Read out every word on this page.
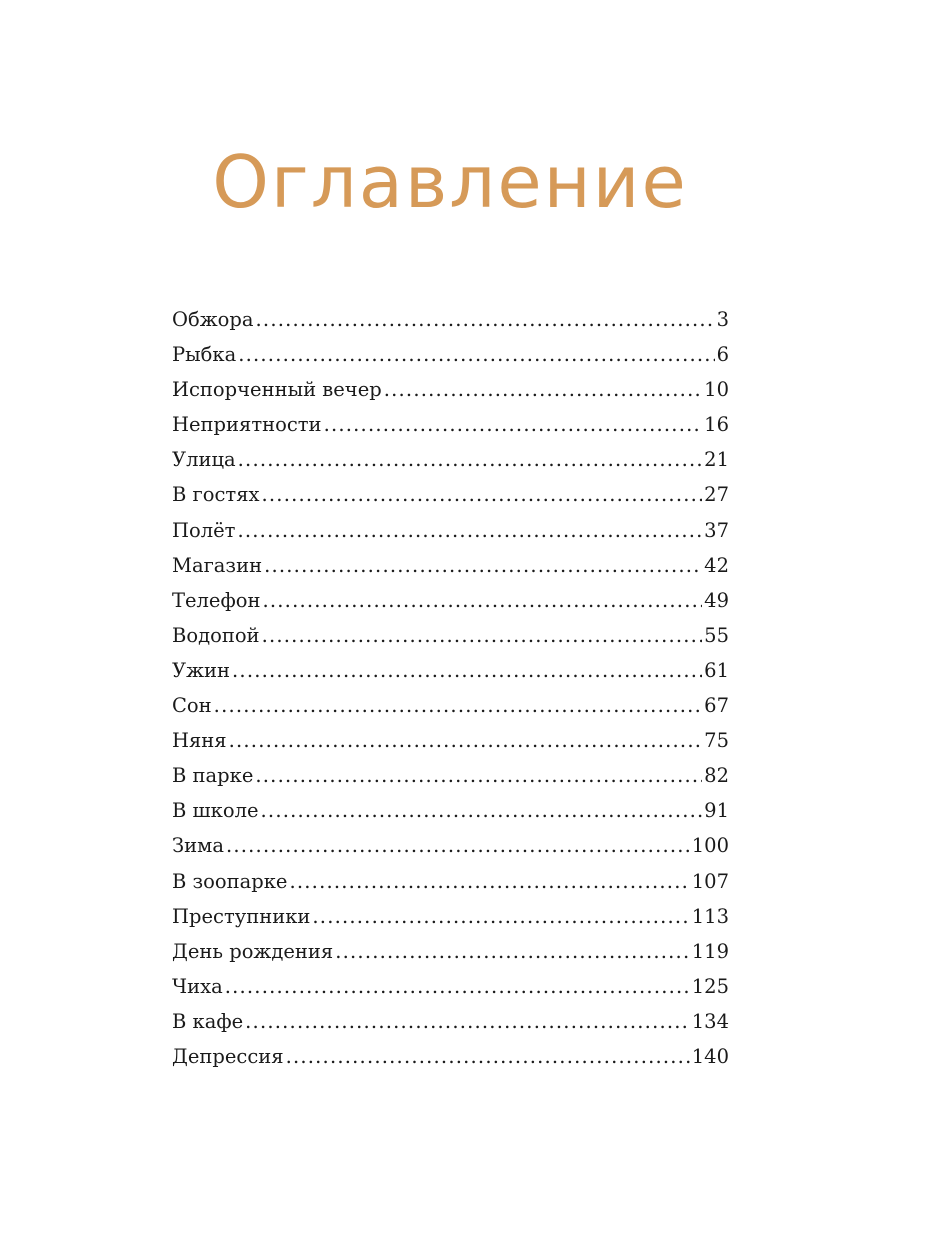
Оглавление
Обжора .....	3
Рыбка .....	6
Испорченный вечер .....	10
Неприятности .....	16
Улица .....	21
В гостях .....	27
Полёт .....	37
Магазин .....	42
Телефон .....	49
Водопой .....	55
Ужин .....	61
Сон .....	67
Няня .....	75
В парке .....	82
В школе .....	91
Зима .....	100
В зоопарке .....	107
Преступники .....	113
День рождения .....	119
Чиха .....	125
В кафе .....	134
Депрессия .....	140
